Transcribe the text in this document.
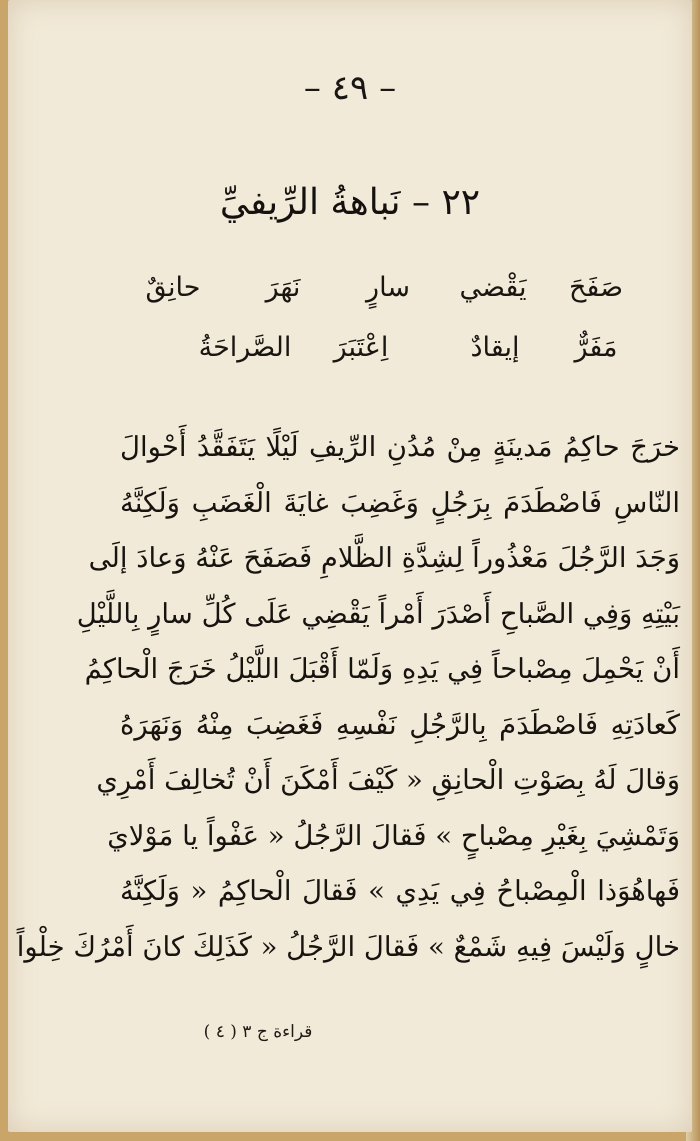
– ٤٩ –
٢٢ – نَباهةُ الرِّيفيِّ
صَفَحَ
يَقْضي
سارٍ
نَهَرَ
حانِقٌ
مَفَرٌّ
إيقادٌ
اِعْتَبَرَ
الصَّراحَةُ
خرَجَ حاكِمُ مَدينَةٍ مِنْ مُدُنِ الرِّيفِ لَيْلًا يَتَفَقَّدُ أَحْوالَ
النّاسِ فَاصْطَدَمَ بِرَجُلٍ وَغَضِبَ غايَةَ الْغَضَبِ وَلَكِنَّهُ
وَجَدَ الرَّجُلَ مَعْذُوراً لِشِدَّةِ الظَّلامِ فَصَفَحَ عَنْهُ وَعادَ إلَى
بَيْتِهِ وَفِي الصَّباحِ أَصْدَرَ أَمْراً يَقْضِي عَلَى كُلِّ سارٍ بِاللَّيْلِ
أَنْ يَحْمِلَ مِصْباحاً فِي يَدِهِ وَلَمّا أَقْبَلَ اللَّيْلُ خَرَجَ الْحاكِمُ
كَعادَتِهِ فَاصْطَدَمَ بِالرَّجُلِ نَفْسِهِ فَغَضِبَ مِنْهُ وَنَهَرَهُ
وَقالَ لَهُ بِصَوْتِ الْحانِقِ « كَيْفَ أَمْكَنَ أَنْ تُخالِفَ أَمْرِي
وَتَمْشِيَ بِغَيْرِ مِصْباحٍ » فَقالَ الرَّجُلُ « عَفْواً يا مَوْلايَ
فَهاهُوَذا الْمِصْباحُ فِي يَدِي » فَقالَ الْحاكِمُ « وَلَكِنَّهُ
خالٍ وَلَيْسَ فِيهِ شَمْعٌ » فَقالَ الرَّجُلُ « كَذَلِكَ كانَ أَمْرُكَ خِلْواً
قراءة ج ٣ ( ٤ )
